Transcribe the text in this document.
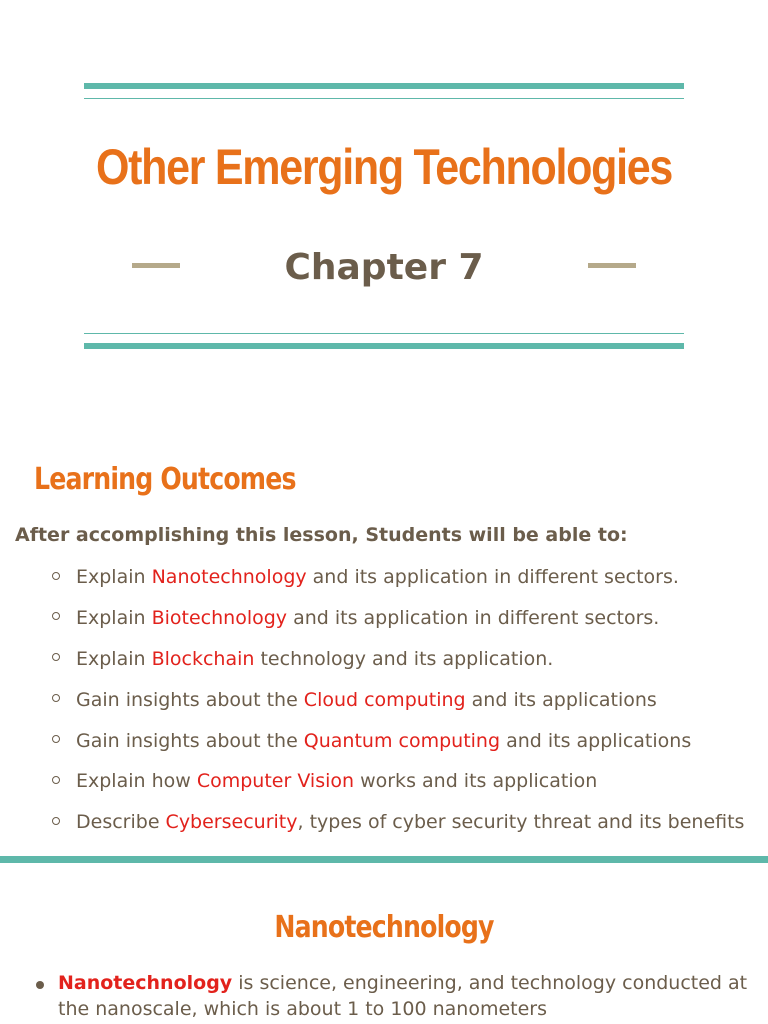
Other Emerging Technologies
Chapter 7
Learning Outcomes
After accomplishing this lesson, Students will be able to:
Explain Nanotechnology and its application in different sectors.
Explain Biotechnology and its application in different sectors.
Explain Blockchain technology and its application.
Gain insights about the Cloud computing and its applications
Gain insights about the Quantum computing and its applications
Explain how Computer Vision works and its application
Describe Cybersecurity, types of cyber security threat and its benefits
Nanotechnology
Nanotechnology is science, engineering, and technology conducted at the nanoscale, which is about 1 to 100 nanometers
